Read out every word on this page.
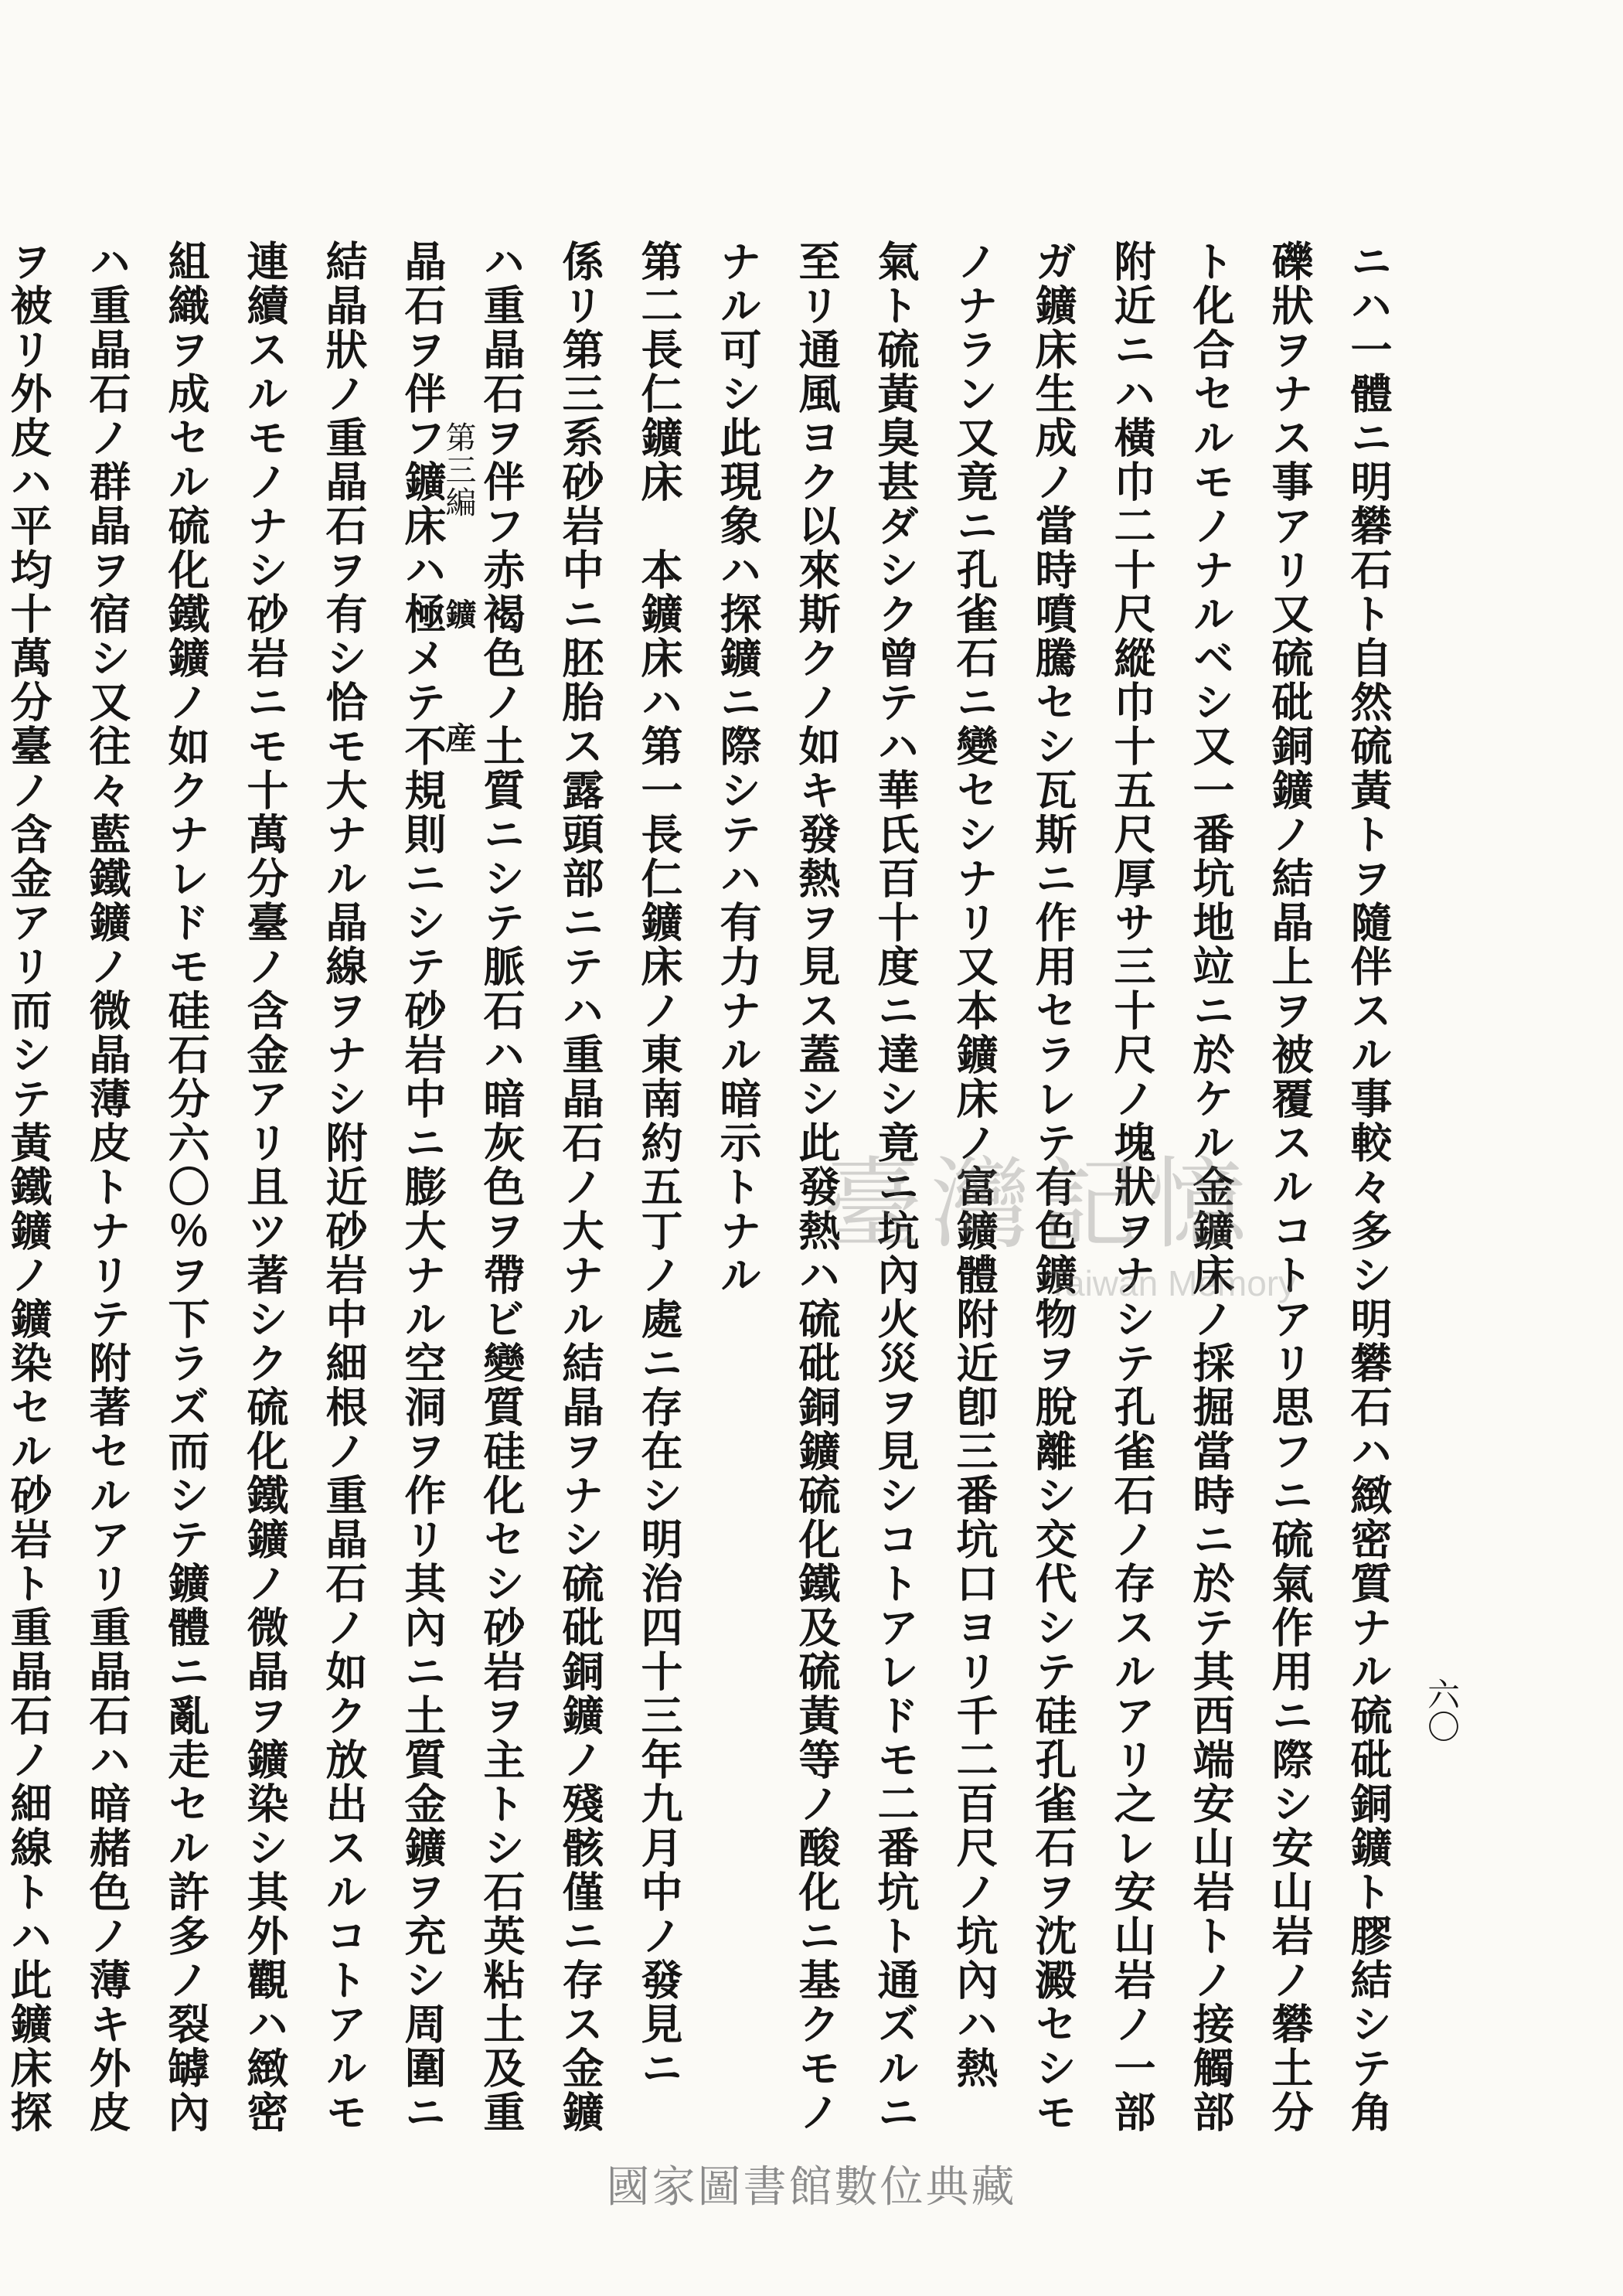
第三編 鑛　産
六〇
ニハ一體ニ明礬石ト自然硫黃トヲ隨伴スル事較々多シ明礬石ハ緻密質ナル硫砒銅鑛ト膠結シテ角
礫狀ヲナス事アリ又硫砒銅鑛ノ結晶上ヲ被覆スルコトアリ思フニ硫氣作用ニ際シ安山岩ノ礬土分
ト化合セルモノナルベシ又一番坑地竝ニ於ケル金鑛床ノ採掘當時ニ於テ其西端安山岩トノ接觸部
附近ニハ橫巾二十尺縱巾十五尺厚サ三十尺ノ塊狀ヲナシテ孔雀石ノ存スルアリ之レ安山岩ノ一部
ガ鑛床生成ノ當時噴騰セシ瓦斯ニ作用セラレテ有色鑛物ヲ脫離シ交代シテ硅孔雀石ヲ沈澱セシモ
ノナラン又竟ニ孔雀石ニ變セシナリ又本鑛床ノ富鑛體附近卽三番坑口ヨリ千二百尺ノ坑內ハ熱
氣ト硫黃臭甚ダシク曾テハ華氏百十度ニ達シ竟ニ坑內火災ヲ見シコトアレドモ二番坑ト通ズルニ
至リ通風ヨク以來斯クノ如キ發熱ヲ見ス蓋シ此發熱ハ硫砒銅鑛硫化鐵及硫黃等ノ酸化ニ基クモノ
ナル可シ此現象ハ探鑛ニ際シテハ有力ナル暗示トナル
第二長仁鑛床　本鑛床ハ第一長仁鑛床ノ東南約五丁ノ處ニ存在シ明治四十三年九月中ノ發見ニ
係リ第三系砂岩中ニ胚胎ス露頭部ニテハ重晶石ノ大ナル結晶ヲナシ硫砒銅鑛ノ殘骸僅ニ存ス金鑛
ハ重晶石ヲ伴フ赤褐色ノ土質ニシテ脈石ハ暗灰色ヲ帶ビ變質硅化セシ砂岩ヲ主トシ石英粘土及重
晶石ヲ伴フ鑛床ハ極メテ不規則ニシテ砂岩中ニ膨大ナル空洞ヲ作リ其內ニ土質金鑛ヲ充シ周圍ニ
結晶狀ノ重晶石ヲ有シ恰モ大ナル晶線ヲナシ附近砂岩中細根ノ重晶石ノ如ク放出スルコトアルモ
連續スルモノナシ砂岩ニモ十萬分臺ノ含金アリ且ツ著シク硫化鐵鑛ノ微晶ヲ鑛染シ其外觀ハ緻密
組織ヲ成セル硫化鐵鑛ノ如クナレドモ硅石分六〇％ヲ下ラズ而シテ鑛體ニ亂走セル許多ノ裂罅內
ハ重晶石ノ群晶ヲ宿シ又往々藍鐵鑛ノ微晶薄皮トナリテ附著セルアリ重晶石ハ暗赭色ノ薄キ外皮
ヲ被リ外皮ハ平均十萬分臺ノ含金アリ而シテ黃鐵鑛ノ鑛染セル砂岩ト重晶石ノ細線トハ此鑛床探	臺灣記憶
Taiwan Memory
國家圖書館數位典藏
